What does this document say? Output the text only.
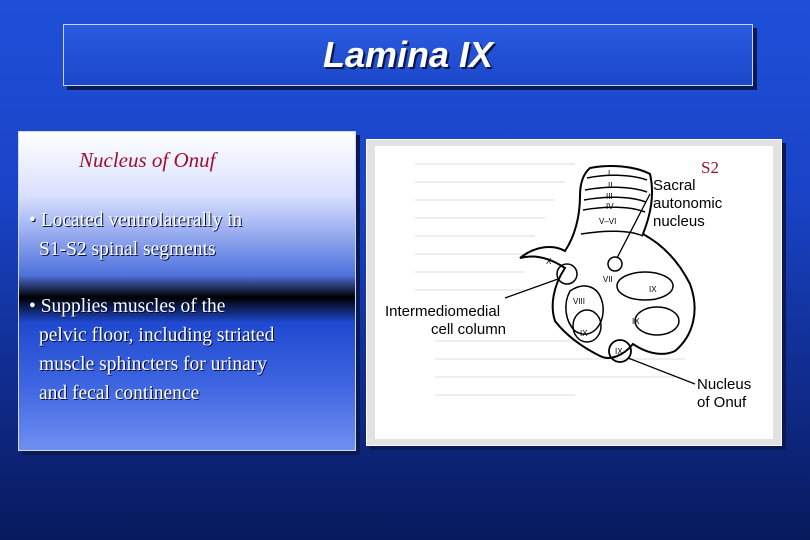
Lamina IX
Nucleus of Onuf
• Located ventrolaterally in
S1-S2 spinal segments
• Supplies muscles of the
pelvic floor, including striated
muscle sphincters for urinary
and fecal continence
I
II
III
IV
V–VI
VII
VIII
IX
IX
IX
IX
X
Sacral
autonomic
nucleus
Intermediomedial
cell column
Nucleus
of Onuf
S2
